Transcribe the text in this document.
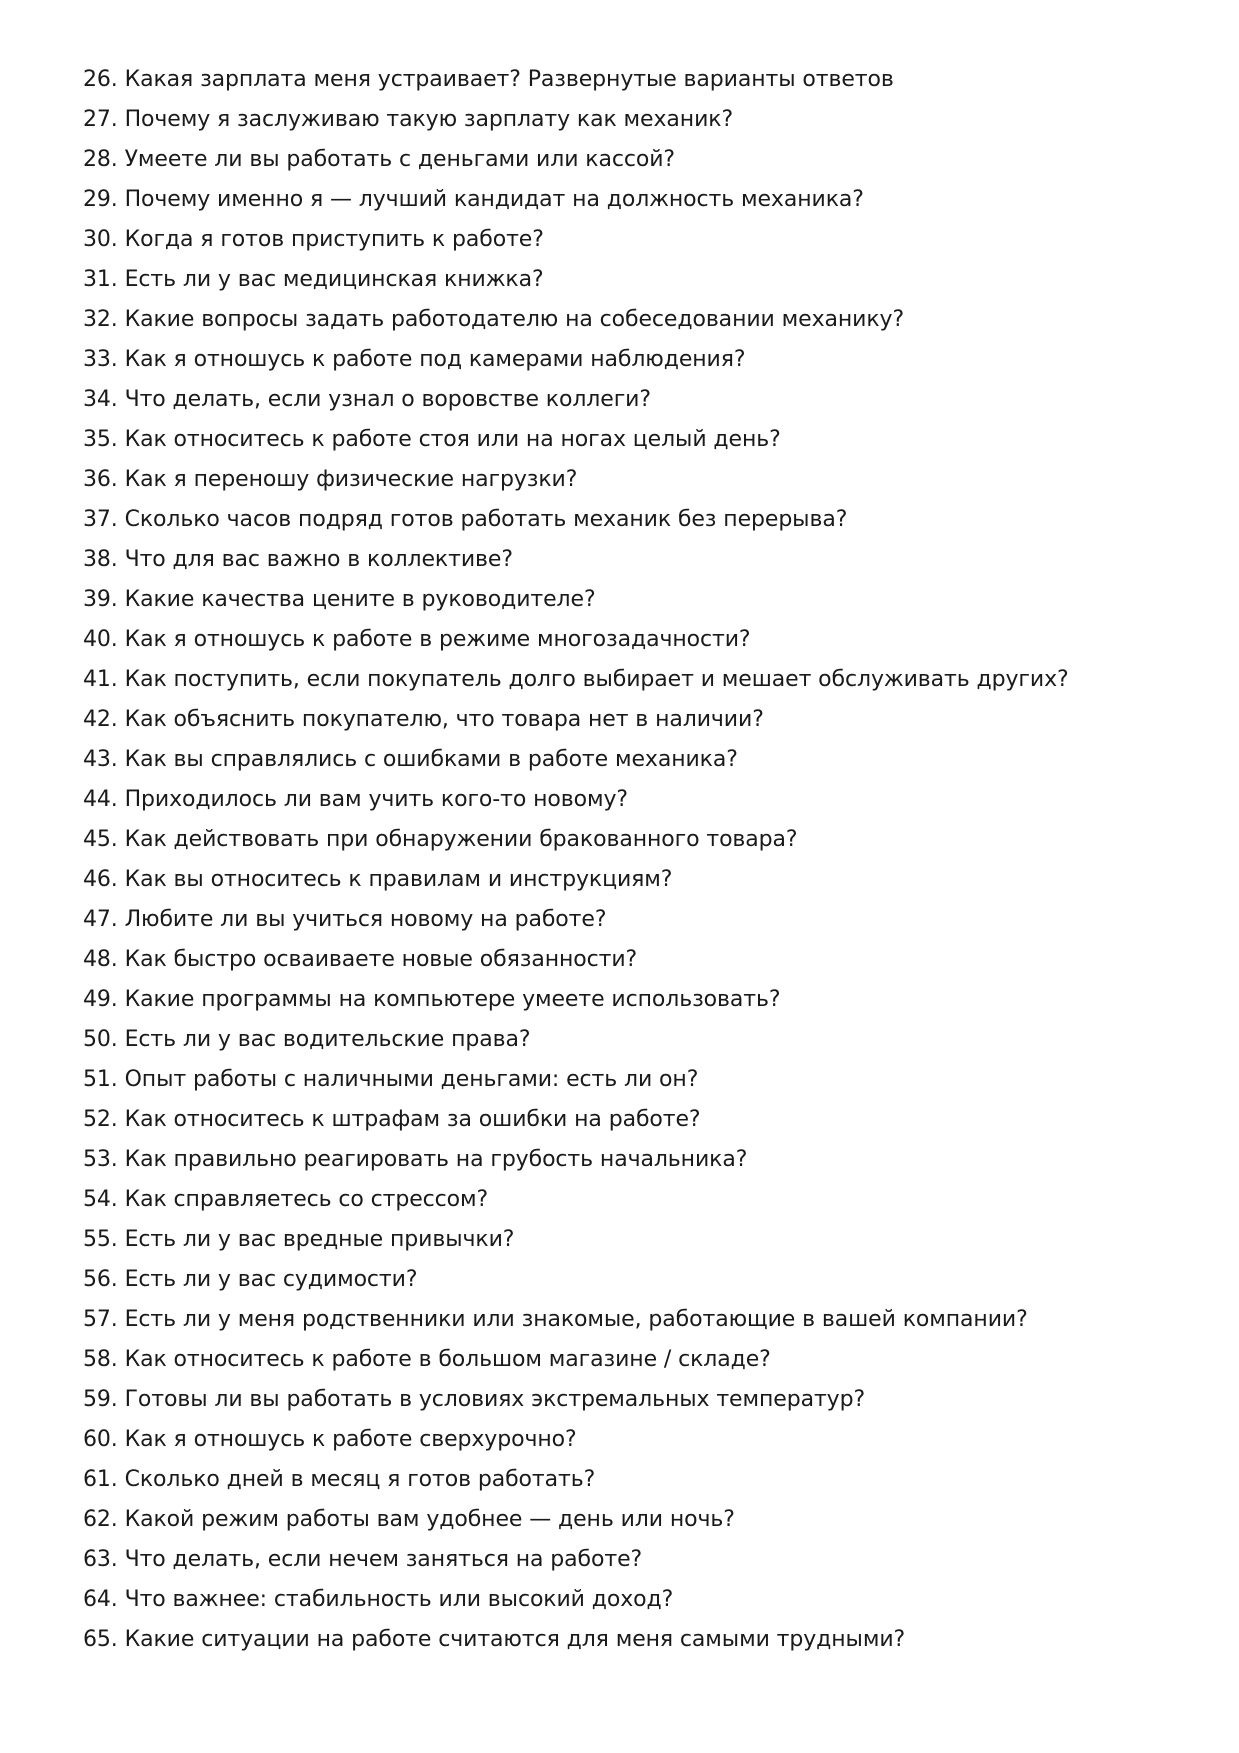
26. Какая зарплата меня устраивает? Развернутые варианты ответов
27. Почему я заслуживаю такую зарплату как механик?
28. Умеете ли вы работать с деньгами или кассой?
29. Почему именно я — лучший кандидат на должность механика?
30. Когда я готов приступить к работе?
31. Есть ли у вас медицинская книжка?
32. Какие вопросы задать работодателю на собеседовании механику?
33. Как я отношусь к работе под камерами наблюдения?
34. Что делать, если узнал о воровстве коллеги?
35. Как относитесь к работе стоя или на ногах целый день?
36. Как я переношу физические нагрузки?
37. Сколько часов подряд готов работать механик без перерыва?
38. Что для вас важно в коллективе?
39. Какие качества цените в руководителе?
40. Как я отношусь к работе в режиме многозадачности?
41. Как поступить, если покупатель долго выбирает и мешает обслуживать других?
42. Как объяснить покупателю, что товара нет в наличии?
43. Как вы справлялись с ошибками в работе механика?
44. Приходилось ли вам учить кого-то новому?
45. Как действовать при обнаружении бракованного товара?
46. Как вы относитесь к правилам и инструкциям?
47. Любите ли вы учиться новому на работе?
48. Как быстро осваиваете новые обязанности?
49. Какие программы на компьютере умеете использовать?
50. Есть ли у вас водительские права?
51. Опыт работы с наличными деньгами: есть ли он?
52. Как относитесь к штрафам за ошибки на работе?
53. Как правильно реагировать на грубость начальника?
54. Как справляетесь со стрессом?
55. Есть ли у вас вредные привычки?
56. Есть ли у вас судимости?
57. Есть ли у меня родственники или знакомые, работающие в вашей компании?
58. Как относитесь к работе в большом магазине / складе?
59. Готовы ли вы работать в условиях экстремальных температур?
60. Как я отношусь к работе сверхурочно?
61. Сколько дней в месяц я готов работать?
62. Какой режим работы вам удобнее — день или ночь?
63. Что делать, если нечем заняться на работе?
64. Что важнее: стабильность или высокий доход?
65. Какие ситуации на работе считаются для меня самыми трудными?
